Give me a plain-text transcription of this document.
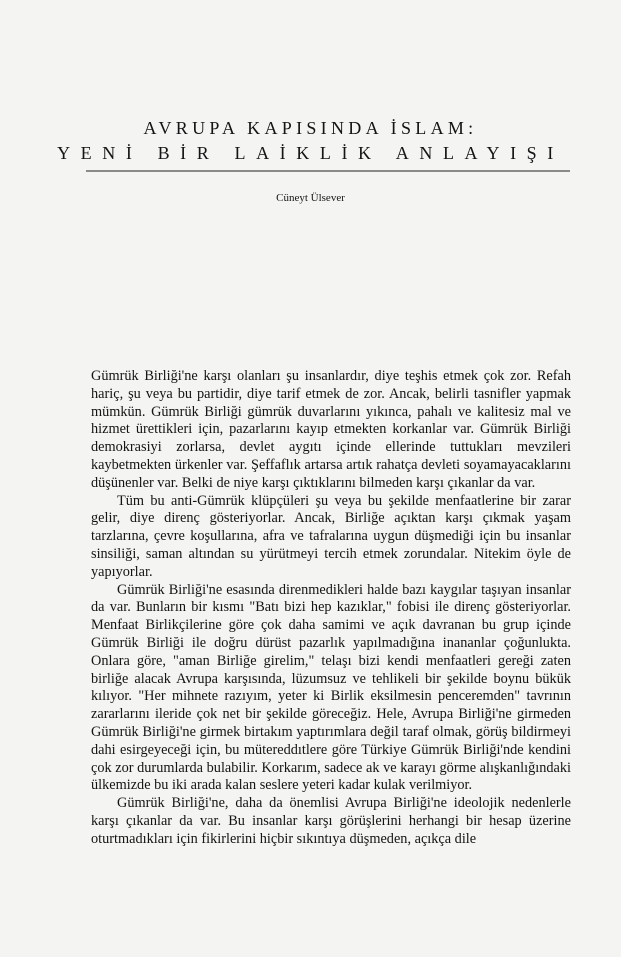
AVRUPA KAPISINDA İSLAM:
YENİ BİR LAİKLİK ANLAYIŞI
Cüneyt Ülsever

Gümrük Birliği'ne karşı olanları şu insanlardır, diye teşhis etmek çok zor. Refah hariç, şu veya bu partidir, diye tarif etmek de zor. Ancak, belirli tasnifler yapmak mümkün. Gümrük Birliği gümrük duvarlarını yıkınca, pahalı ve kalitesiz mal ve hizmet ürettikleri için, pazarlarını kayıp etmekten korkanlar var. Gümrük Birliği demokrasiyi zorlarsa, devlet aygıtı içinde ellerinde tuttukları mevzileri kaybetmekten ürkenler var. Şeffaflık artarsa artık rahatça devleti soyamayacaklarını düşünenler var. Belki de niye karşı çıktıklarını bilmeden karşı çıkanlar da var.

Tüm bu anti-Gümrük klüpçüleri şu veya bu şekilde menfaatlerine bir zarar gelir, diye direnç gösteriyorlar. Ancak, Birliğe açıktan karşı çıkmak yaşam tarzlarına, çevre koşullarına, afra ve tafralarına uygun düşmediği için bu insanlar sinsiliği, saman altından su yürütmeyi tercih etmek zorundalar. Nitekim öyle de yapıyorlar.

Gümrük Birliği'ne esasında direnmedikleri halde bazı kaygılar taşıyan insanlar da var. Bunların bir kısmı "Batı bizi hep kazıklar," fobisi ile direnç gösteriyorlar. Menfaat Birlikçilerine göre çok daha samimi ve açık davranan bu grup içinde Gümrük Birliği ile doğru dürüst pazarlık yapılmadığına inananlar çoğunlukta. Onlara göre, "aman Birliğe girelim," telaşı bizi kendi menfaatleri gereği zaten birliğe alacak Avrupa karşısında, lüzumsuz ve tehlikeli bir şekilde boynu bükük kılıyor. "Her mihnete razıyım, yeter ki Birlik eksilmesin penceremden" tavrının zararlarını ileride çok net bir şekilde göreceğiz. Hele, Avrupa Birliği'ne girmeden Gümrük Birliği'ne girmek birtakım yaptırımlara değil taraf olmak, görüş bildirmeyi dahi esirgeyeceği için, bu mütereddıtlere göre Türkiye Gümrük Birliği'nde kendini çok zor durumlarda bulabilir. Korkarım, sadece ak ve karayı görme alışkanlığındaki ülkemizde bu iki arada kalan seslere yeteri kadar kulak verilmiyor.

Gümrük Birliği'ne, daha da önemlisi Avrupa Birliği'ne ideolojik nedenlerle karşı çıkanlar da var. Bu insanlar karşı görüşlerini herhangi bir hesap üzerine oturtmadıkları için fikirlerini hiçbir sıkıntıya düşmeden, açıkça dile
